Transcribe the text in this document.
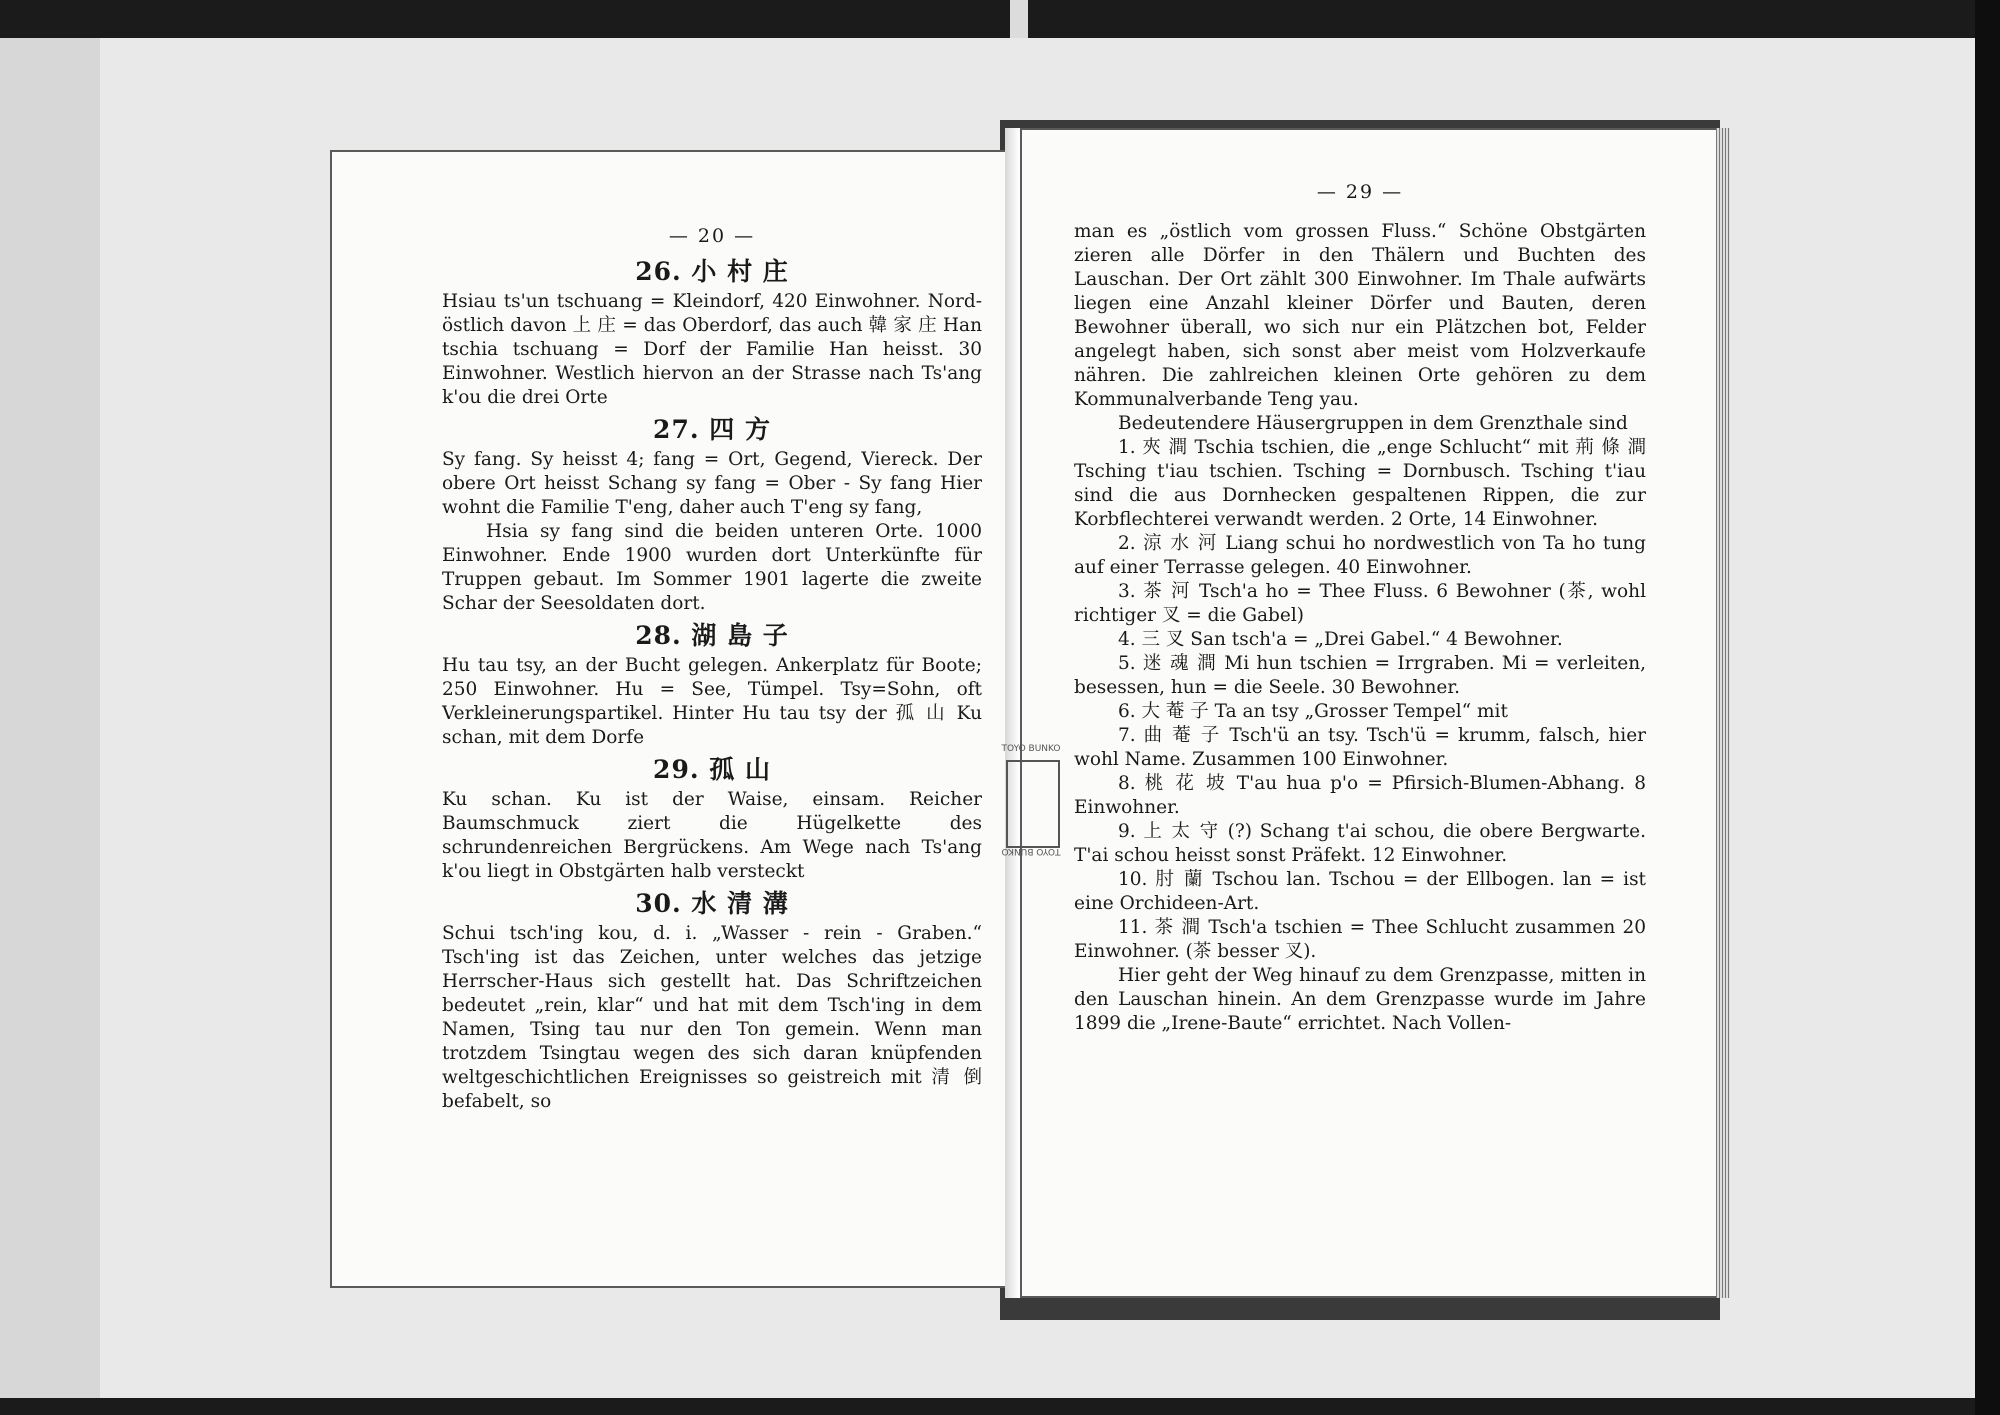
— 20 —
26. 小 村 庄

Hsiau ts'un tschuang = Kleindorf, 420 Einwohner. Nord-östlich davon 上 庄 = das Oberdorf, das auch 韓 家 庄 Han tschia tschuang = Dorf der Familie Han heisst. 30 Einwohner. Westlich hiervon an der Strasse nach Ts'ang k'ou die drei Orte

27. 四 方

Sy fang. Sy heisst 4; fang = Ort, Gegend, Viereck. Der obere Ort heisst Schang sy fang = Ober - Sy fang Hier wohnt die Familie T'eng, daher auch T'eng sy fang,

Hsia sy fang sind die beiden unteren Orte. 1000 Einwohner. Ende 1900 wurden dort Unterkünfte für Truppen gebaut. Im Sommer 1901 lagerte die zweite Schar der Seesoldaten dort.

28. 湖 島 子

Hu tau tsy, an der Bucht gelegen. Ankerplatz für Boote; 250 Einwohner. Hu = See, Tümpel. Tsy=Sohn, oft Verkleinerungspartikel. Hinter Hu tau tsy der 孤 山 Ku schan, mit dem Dorfe

29. 孤 山

Ku schan. Ku ist der Waise, einsam. Reicher Baumschmuck ziert die Hügelkette des schrundenreichen Bergrückens. Am Wege nach Ts'ang k'ou liegt in Obstgärten halb versteckt

30. 水 清 溝

Schui tsch'ing kou, d. i. „Wasser - rein - Graben.“ Tsch'ing ist das Zeichen, unter welches das jetzige Herrscher-Haus sich gestellt hat. Das Schriftzeichen bedeutet „rein, klar“ und hat mit dem Tsch'ing in dem Namen, Tsing tau nur den Ton gemein. Wenn man trotzdem Tsingtau wegen des sich daran knüpfenden weltgeschichtlichen Ereignisses so geistreich mit 清 倒 befabelt, so

— 29 —

man es „östlich vom grossen Fluss.“ Schöne Obstgärten zieren alle Dörfer in den Thälern und Buchten des Lauschan. Der Ort zählt 300 Einwohner. Im Thale aufwärts liegen eine Anzahl kleiner Dörfer und Bauten, deren Bewohner überall, wo sich nur ein Plätzchen bot, Felder angelegt haben, sich sonst aber meist vom Holzverkaufe nähren. Die zahlreichen kleinen Orte gehören zu dem Kommunalverbande Teng yau.

Bedeutendere Häusergruppen in dem Grenzthale sind

1. 夾 澗 Tschia tschien, die „enge Schlucht“ mit 荊 條 澗 Tsching t'iau tschien. Tsching = Dornbusch. Tsching t'iau sind die aus Dornhecken gespaltenen Rippen, die zur Korbflechterei verwandt werden. 2 Orte, 14 Einwohner.

2. 涼 水 河 Liang schui ho nordwestlich von Ta ho tung auf einer Terrasse gelegen. 40 Einwohner.

3. 茶 河 Tsch'a ho = Thee Fluss. 6 Bewohner (茶, wohl richtiger 叉 = die Gabel)

4. 三 叉 San tsch'a = „Drei Gabel.“ 4 Bewohner.

5. 迷 魂 澗 Mi hun tschien = Irrgraben. Mi = verleiten, besessen, hun = die Seele. 30 Bewohner.

6. 大 菴 子 Ta an tsy „Grosser Tempel“ mit

7. 曲 菴 子 Tsch'ü an tsy. Tsch'ü = krumm, falsch, hier wohl Name. Zusammen 100 Einwohner.

8. 桃 花 坡 T'au hua p'o = Pfirsich-Blumen-Abhang. 8 Einwohner.

9. 上 太 守 (?) Schang t'ai schou, die obere Bergwarte. T'ai schou heisst sonst Präfekt. 12 Einwohner.

10. 肘 蘭 Tschou lan. Tschou = der Ellbogen. lan = ist eine Orchideen-Art.

11. 茶 澗 Tsch'a tschien = Thee Schlucht zusammen 20 Einwohner. (茶 besser 叉).

Hier geht der Weg hinauf zu dem Grenzpasse, mitten in den Lauschan hinein. An dem Grenzpasse wurde im Jahre 1899 die „Irene-Baute“ errichtet. Nach Vollen-

TOYO BUNKO
TOYO BUNKO
